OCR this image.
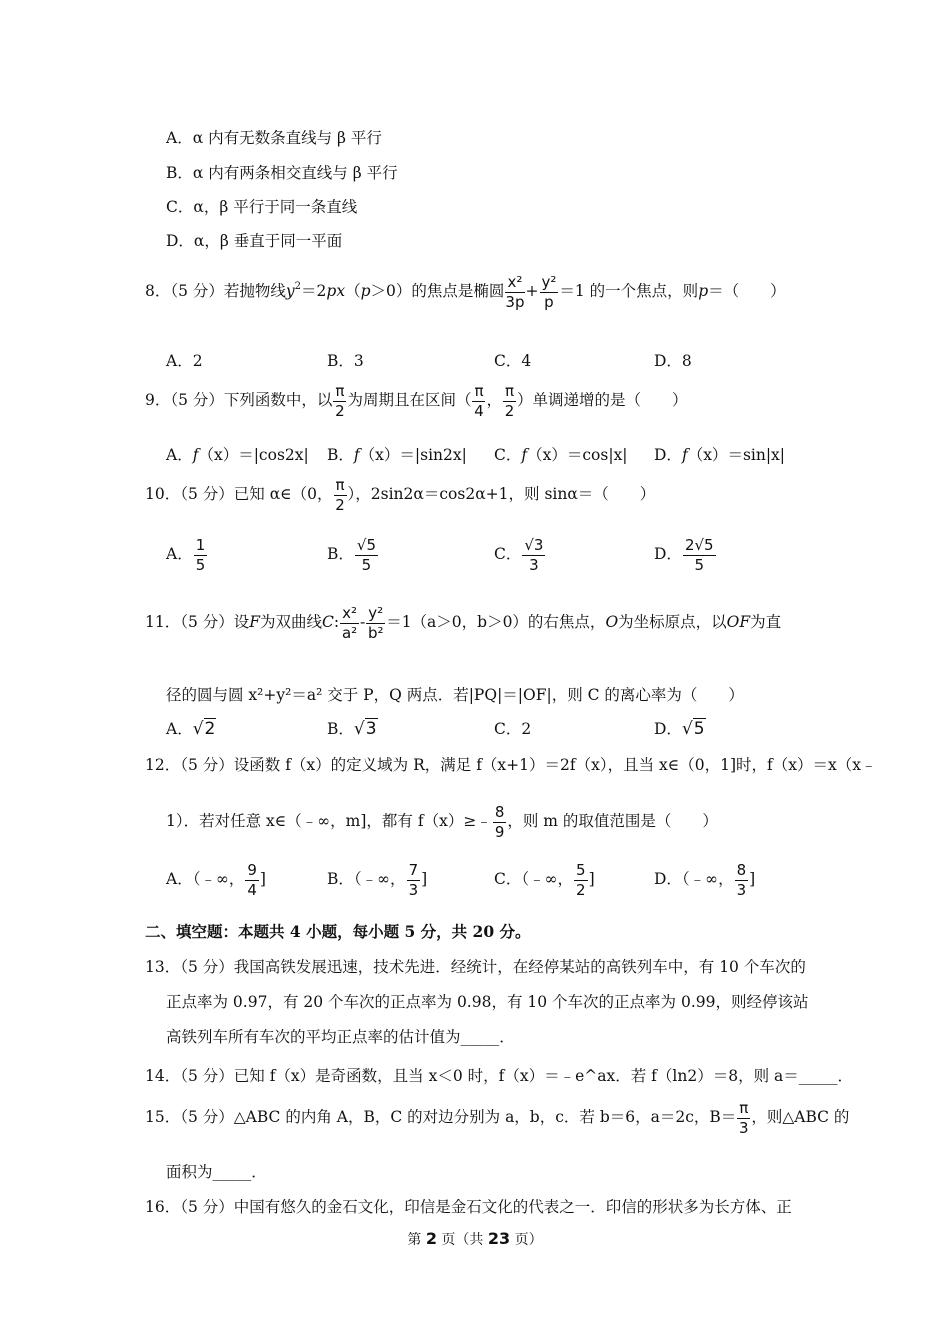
A．α 内有无数条直线与 β 平行
B．α 内有两条相交直线与 β 平行
C．α，β 平行于同一条直线
D．α，β 垂直于同一平面
8．（5 分）若抛物线$y^2=2px(p>0)$的焦点是椭圆 $\frac{\text{x²}}{3p} + \frac{\text{y²}}{p} =1$ 的一个焦点，则p＝（　　）
A．2	B．3	C．4	D．8
9．（5 分）下列函数中，以 $\frac{\pi}{2}$ 为周期且在区间（ $\frac{\pi}{4}$ ， $\frac{\pi}{2}$ ）单调递增的是（　　）
A．f（x）＝|cos2x| B．f（x）＝|sin2x| C．f（x）＝cos|x| D．f（x）＝sin|x|
10．（5 分）已知 α∈（0， $\frac{\pi}{2}$ ），2sin2α＝cos2α+1，则 sinα＝（　　）
A． $\frac{1}{5}$	B． $\frac{√5}{5}$	C． $\frac{√3}{3}$	D． $\frac{2√5}{5}$
11．（5 分）设F为双曲线C: $\frac{\text{x²}}{\text{a²}} - \frac{\text{y²}}{\text{b²}} =1(a>0$，b＞0）的右焦点，O为坐标原点，以OF为直
径的圆与圆 x²+y²＝a² 交于 P，Q 两点．若|PQ|＝|OF|，则 C 的离心率为（　　）
A．√2	B．√3	C．2	D．√5
12．（5 分）设函数 f（x）的定义域为 R，满足 f（x+1）＝2f（x），且当 x∈（0，1]时，f（x）＝x（x﹣
1）．若对任意 x∈（﹣∞，m]，都有 f（x）≥﹣ $\frac{8}{9}$ ，则 m 的取值范围是（　　）
A．（﹣∞， $\frac{9}{4}$ ]	B．（﹣∞， $\frac{7}{3}$ ]	C．（﹣∞， $\frac{5}{2}$ ]	D．（﹣∞， $\frac{8}{3}$ ]
二、填空题：本题共 4 小题，每小题 5 分，共 20 分。
13．（5 分）我国高铁发展迅速，技术先进．经统计，在经停某站的高铁列车中，有 10 个车次的
正点率为 0.97，有 20 个车次的正点率为 0.98，有 10 个车次的正点率为 0.99，则经停该站
高铁列车所有车次的平均正点率的估计值为_____．
14．（5 分）已知 f（x）是奇函数，且当 x＜0 时，f（x）＝﹣e^ax．若 f（ln2）＝8，则 a＝_____．
15．（5 分）△ABC 的内角 A，B，C 的对边分别为 a，b，c．若 b＝6，a＝2c，$B= \frac{\pi}{3}$ ，则△ABC 的
面积为_____．
16．（5 分）中国有悠久的金石文化，印信是金石文化的代表之一．印信的形状多为长方体、正
第 2 页（共 23 页）
